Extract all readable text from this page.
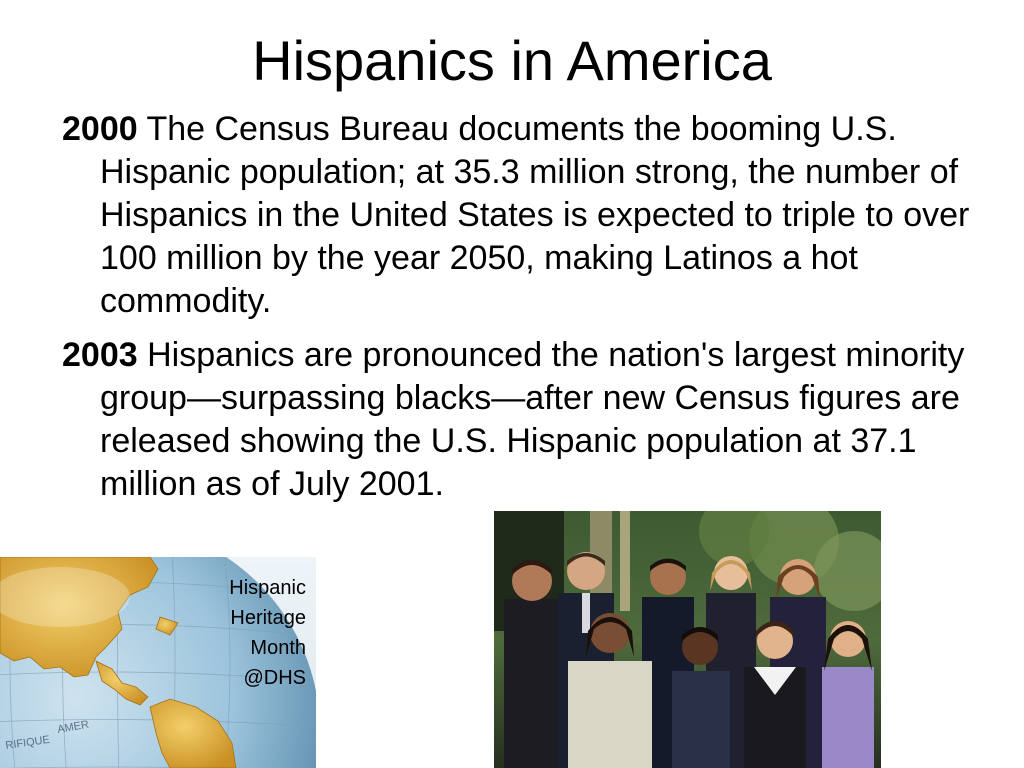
Hispanics in America

2000 The Census Bureau documents the booming U.S. Hispanic population; at 35.3 million strong, the number of Hispanics in the United States is expected to triple to over 100 million by the year 2050, making Latinos a hot commodity.

2003 Hispanics are pronounced the nation's largest minority group—surpassing blacks—after new Census figures are released showing the U.S. Hispanic population at 37.1 million as of July 2001.

RIFIQUE
AMER
Hispanic
Heritage
Month
@DHS
